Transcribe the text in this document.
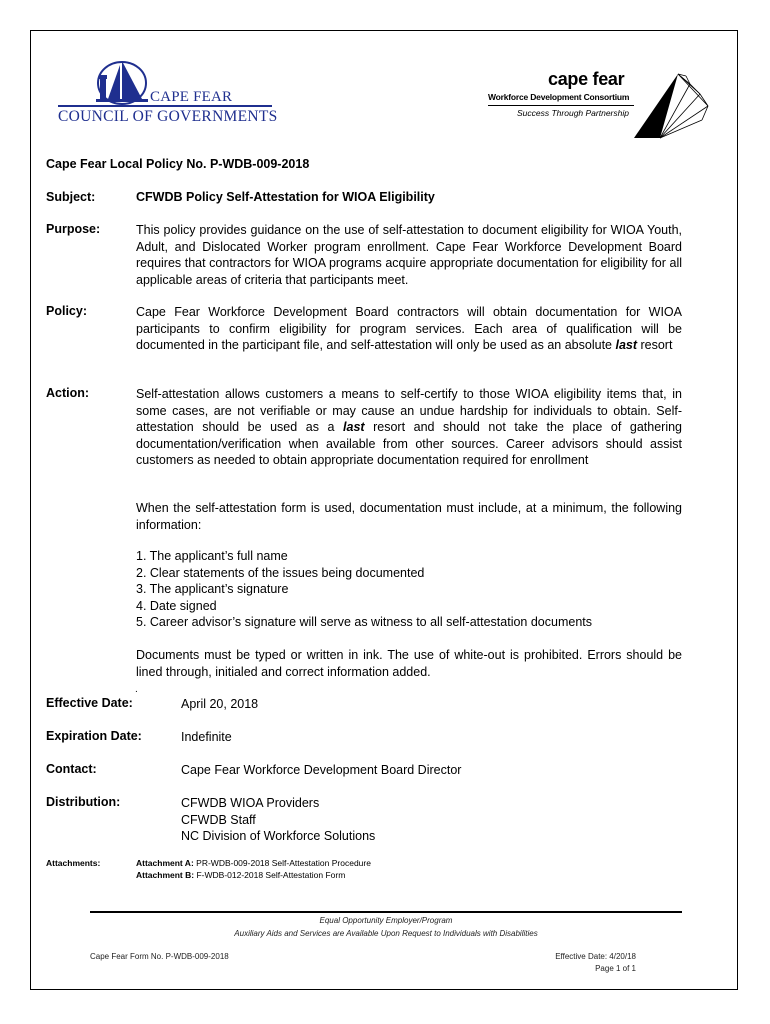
CAPE FEAR
COUNCIL OF GOVERNMENTS
cape fear
Workforce Development Consortium
Success Through Partnership
Cape Fear Local Policy No. P-WDB-009-2018
Subject:	CFWDB Policy Self-Attestation for WIOA Eligibility
Purpose:	This policy provides guidance on the use of self-attestation to document eligibility for WIOA Youth, Adult, and Dislocated Worker program enrollment. Cape Fear Workforce Development Board requires that contractors for WIOA programs acquire appropriate documentation for eligibility for all applicable areas of criteria that participants meet.
Policy:	Cape Fear Workforce Development Board contractors will obtain documentation for WIOA participants to confirm eligibility for program services. Each area of qualification will be documented in the participant file, and self-attestation will only be used as an absolute last resort
Action:	Self-attestation allows customers a means to self-certify to those WIOA eligibility items that, in some cases, are not verifiable or may cause an undue hardship for individuals to obtain. Self-attestation should be used as a last resort and should not take the place of gathering documentation/verification when available from other sources. Career advisors should assist customers as needed to obtain appropriate documentation required for enrollment
When the self-attestation form is used, documentation must include, at a minimum, the following information:
1. The applicant’s full name
2. Clear statements of the issues being documented
3. The applicant’s signature
4. Date signed
5. Career advisor’s signature will serve as witness to all self-attestation documents
Documents must be typed or written in ink. The use of white-out is prohibited. Errors should be lined through, initialed and correct information added.
.
Effective Date:	April 20, 2018
Expiration Date:	Indefinite
Contact:	Cape Fear Workforce Development Board Director
Distribution:	CFWDB WIOA Providers
CFWDB Staff
NC Division of Workforce Solutions
Attachments:	Attachment A: PR-WDB-009-2018 Self-Attestation Procedure
Attachment B: F-WDB-012-2018 Self-Attestation Form
Equal Opportunity Employer/Program
Auxiliary Aids and Services are Available Upon Request to Individuals with Disabilities
Cape Fear Form No. P-WDB-009-2018	Effective Date: 4/20/18
Page 1 of 1
